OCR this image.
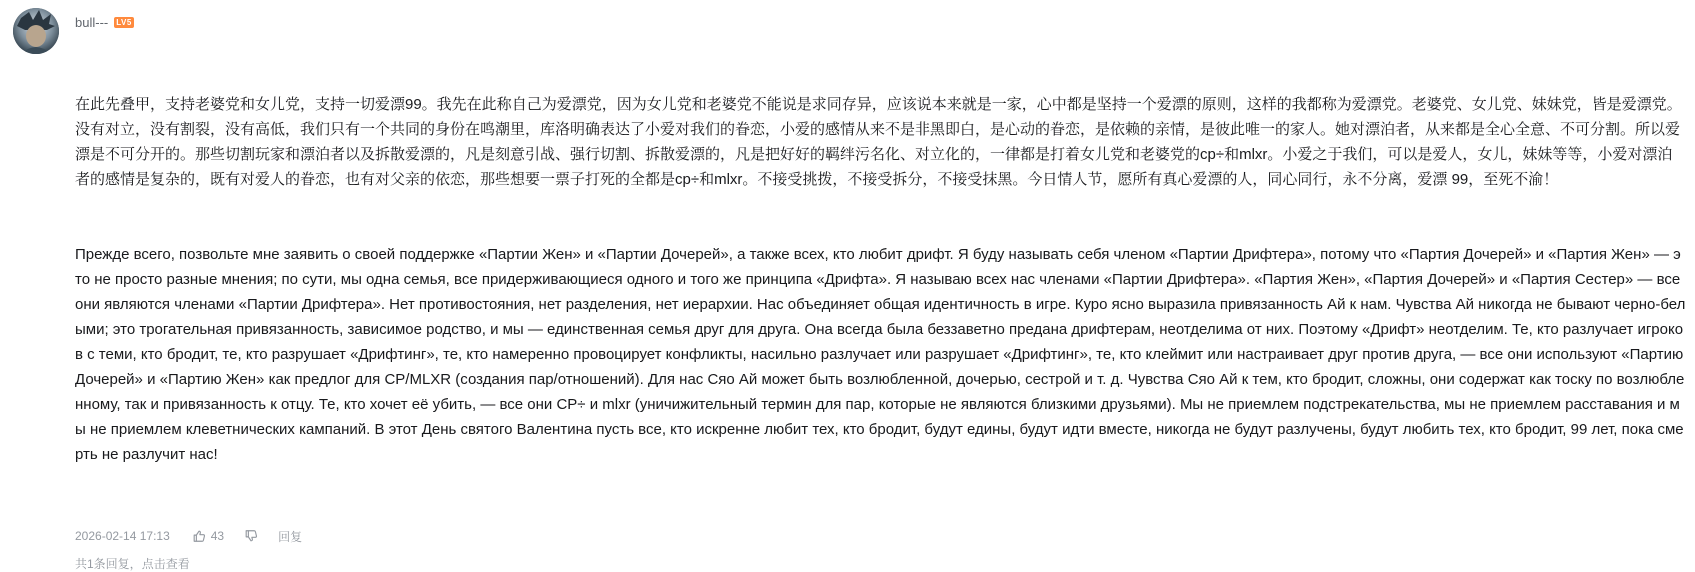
bull--- LV5

在此先叠甲，支持老婆党和女儿党，支持一切爱漂99。我先在此称自己为爱漂党，因为女儿党和老婆党不能说是求同存异，应该说本来就是一家，心中都是坚持一个爱漂的原则，这样的我都称为爱漂党。老婆党、女儿党、妹妹党，皆是爱漂党。没有对立，没有割裂，没有高低，我们只有一个共同的身份在鸣潮里，库洛明确表达了小爱对我们的眷恋，小爱的感情从来不是非黑即白，是心动的眷恋，是依赖的亲情，是彼此唯一的家人。她对漂泊者，从来都是全心全意、不可分割。所以爱漂是不可分开的。那些切割玩家和漂泊者以及拆散爱漂的，凡是刻意引战、强行切割、拆散爱漂的，凡是把好好的羁绊污名化、对立化的，一律都是打着女儿党和老婆党的cp÷和mlxr。小爱之于我们，可以是爱人，女儿，妹妹等等，小爱对漂泊者的感情是复杂的，既有对爱人的眷恋，也有对父亲的依恋，那些想要一票子打死的全都是cp÷和mlxr。不接受挑拨，不接受拆分，不接受抹黑。今日情人节，愿所有真心爱漂的人，同心同行，永不分离，爱漂 99，至死不渝！

Прежде всего, позвольте мне заявить о своей поддержке «Партии Жен» и «Партии Дочерей», а также всех, кто любит дрифт. Я буду называть себя членом «Партии Дрифтера», потому что «Партия Дочерей» и «Партия Жен» — это не просто разные мнения; по сути, мы одна семья, все придерживающиеся одного и того же принципа «Дрифта». Я называю всех нас членами «Партии Дрифтера». «Партия Жен», «Партия Дочерей» и «Партия Сестер» — все они являются членами «Партии Дрифтера». Нет противостояния, нет разделения, нет иерархии. Нас объединяет общая идентичность в игре. Куро ясно выразила привязанность Ай к нам. Чувства Ай никогда не бывают черно-белыми; это трогательная привязанность, зависимое родство, и мы — единственная семья друг для друга. Она всегда была беззаветно предана дрифтерам, неотделима от них. Поэтому «Дрифт» неотделим. Те, кто разлучает игроков с теми, кто бродит, те, кто разрушает «Дрифтинг», те, кто намеренно провоцирует конфликты, насильно разлучает или разрушает «Дрифтинг», те, кто клеймит или настраивает друг против друга, — все они используют «Партию Дочерей» и «Партию Жен» как предлог для CP/MLXR (создания пар/отношений). Для нас Сяо Ай может быть возлюбленной, дочерью, сестрой и т. д. Чувства Сяо Ай к тем, кто бродит, сложны, они содержат как тоску по возлюбленному, так и привязанность к отцу. Те, кто хочет её убить, — все они CP÷ и mlxr (уничижительный термин для пар, которые не являются близкими друзьями). Мы не приемлем подстрекательства, мы не приемлем расставания и мы не приемлем клеветнических кампаний. В этот День святого Валентина пусть все, кто искренне любит тех, кто бродит, будут едины, будут идти вместе, никогда не будут разлучены, будут любить тех, кто бродит, 99 лет, пока смерть не разлучит нас!

2026-02-14 17:13	43	回复
共1条回复，点击查看
